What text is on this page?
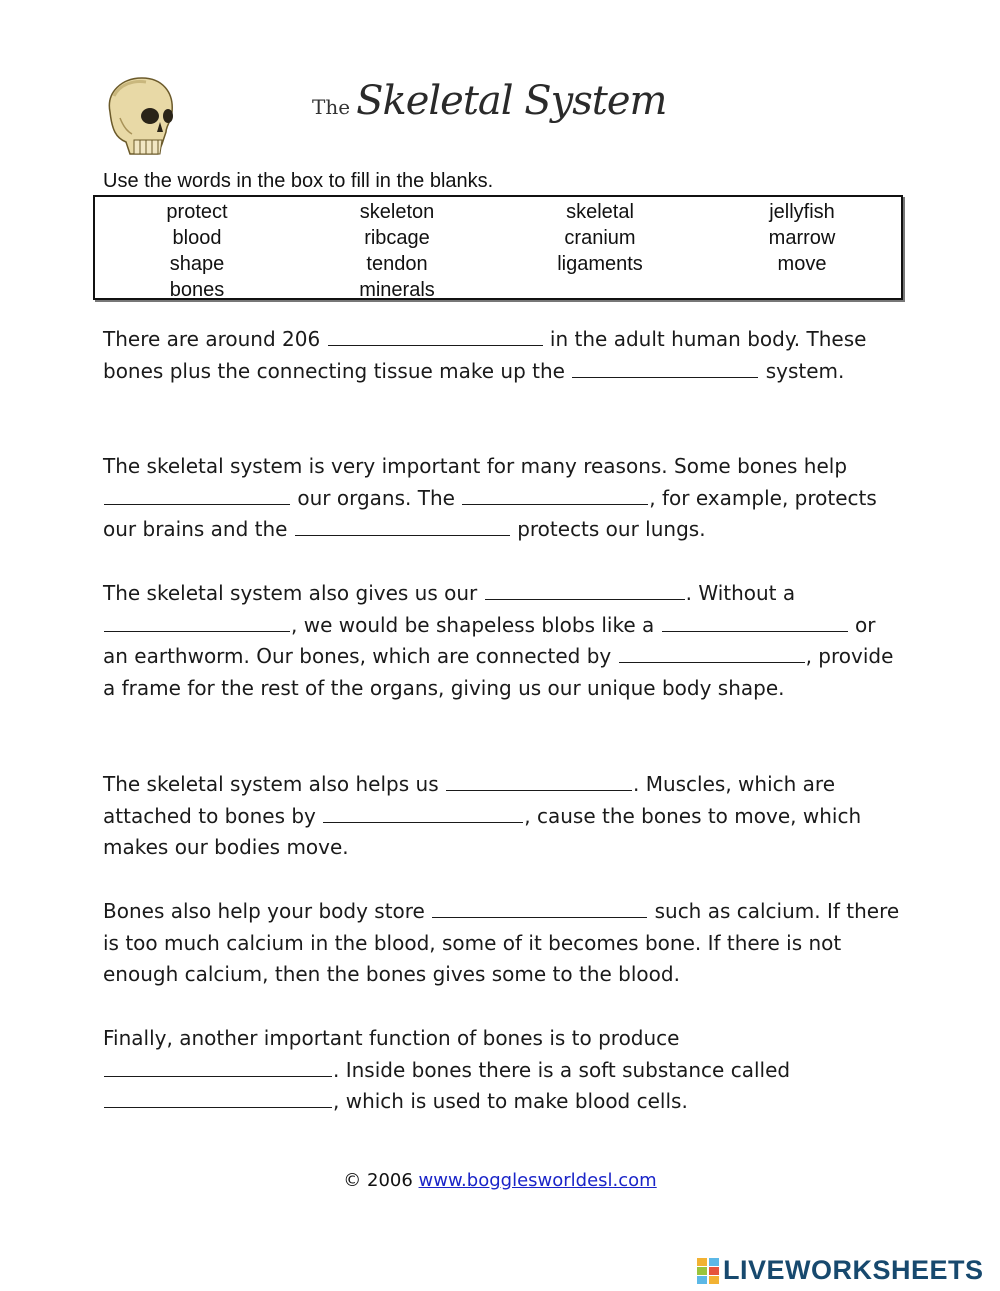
The Skeletal System
Use the words in the box to fill in the blanks.
protect	skeleton	skeletal	jellyfish
blood	ribcage	cranium	marrow
shape	tendon	ligaments	move
bones	minerals

There are around 206	in the adult human body. These bones plus the connecting tissue make up the	system.

The skeletal system is very important for many reasons. Some bones help  our organs. The	, for example, protects our brains and the	protects our lungs.

The skeletal system also gives us our	. Without a , we would be shapeless blobs like a	or an earthworm. Our bones, which are connected by	, provide a frame for the rest of the organs, giving us our unique body shape.

The skeletal system also helps us	. Muscles, which are attached to bones by	, cause the bones to move, which makes our bodies move.

Bones also help your body store	such as calcium. If there is too much calcium in the blood, some of it becomes bone. If there is not enough calcium, then the bones gives some to the blood.

Finally, another important function of bones is to produce . Inside bones there is a soft substance called , which is used to make blood cells.

© 2006 www.bogglesworldesl.com
LIVEWORKSHEETS
